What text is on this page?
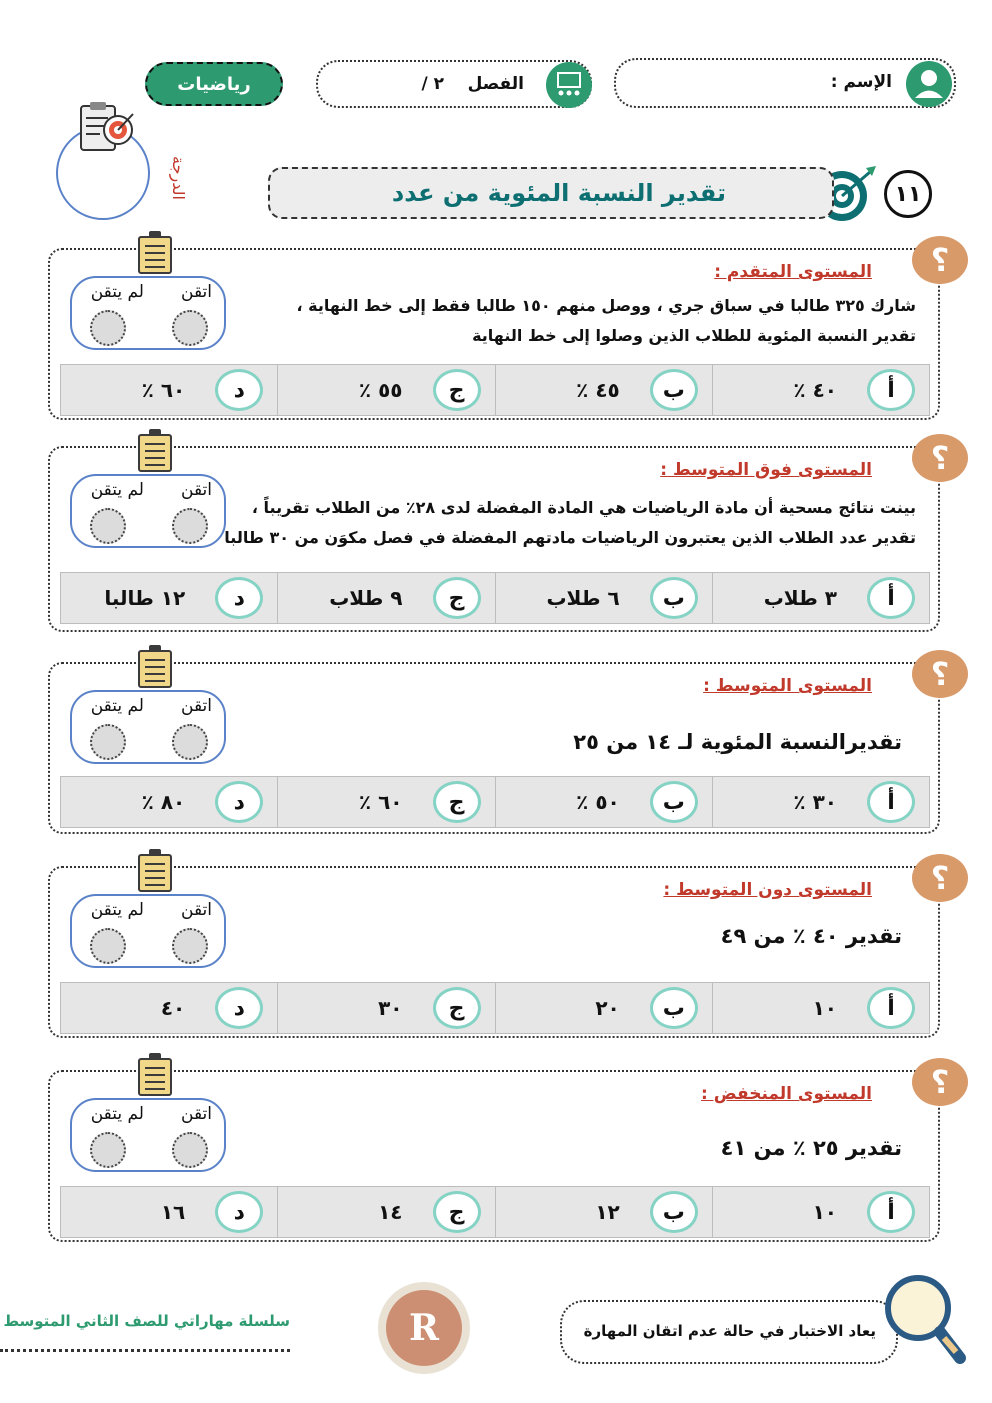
الإسم :
الفصل
٢ /
رياضيات
الدرجة	١١
تقدير النسبة المئوية من عدد
؟
المستوى المتقدم :
شارك ٣٢٥ طالبا في سباق جري ، ووصل منهم ١٥٠ طالبا فقط إلى خط النهاية ،
تقدير النسبة المئوية للطلاب الذين وصلوا إلى خط النهاية
اتقن
لم يتقن
أ
٤٠ ٪
ب
٤٥ ٪
ج
٥٥ ٪
د
٦٠ ٪
؟
المستوى فوق المتوسط :
بينت نتائج مسحية أن مادة الرياضيات هي المادة المفضلة لدى ٢٨٪ من الطلاب تقريباً ،
تقدير عدد الطلاب الذين يعتبرون الرياضيات مادتهم المفضلة في فصل مكوَن من ٣٠ طالبا
اتقن
لم يتقن
أ
٣ طلاب
ب
٦ طلاب
ج
٩ طلاب
د
١٢ طالبا
؟
المستوى المتوسط :
تقديرالنسبة المئوية لـ ١٤ من ٢٥
اتقن
لم يتقن
أ
٣٠ ٪
ب
٥٠ ٪
ج
٦٠ ٪
د
٨٠ ٪
؟
المستوى دون المتوسط :
تقدير ٤٠ ٪ من ٤٩
اتقن
لم يتقن
أ
١٠
ب
٢٠
ج
٣٠
د
٤٠
؟
المستوى المنخفض :
تقدير ٢٥ ٪ من ٤١
اتقن
لم يتقن
أ
١٠
ب
١٢
ج
١٤
د
١٦
يعاد الاختبار في حالة عدم اتقان المهارة
R
سلسلة مهاراتي للصف الثاني المتوسط
